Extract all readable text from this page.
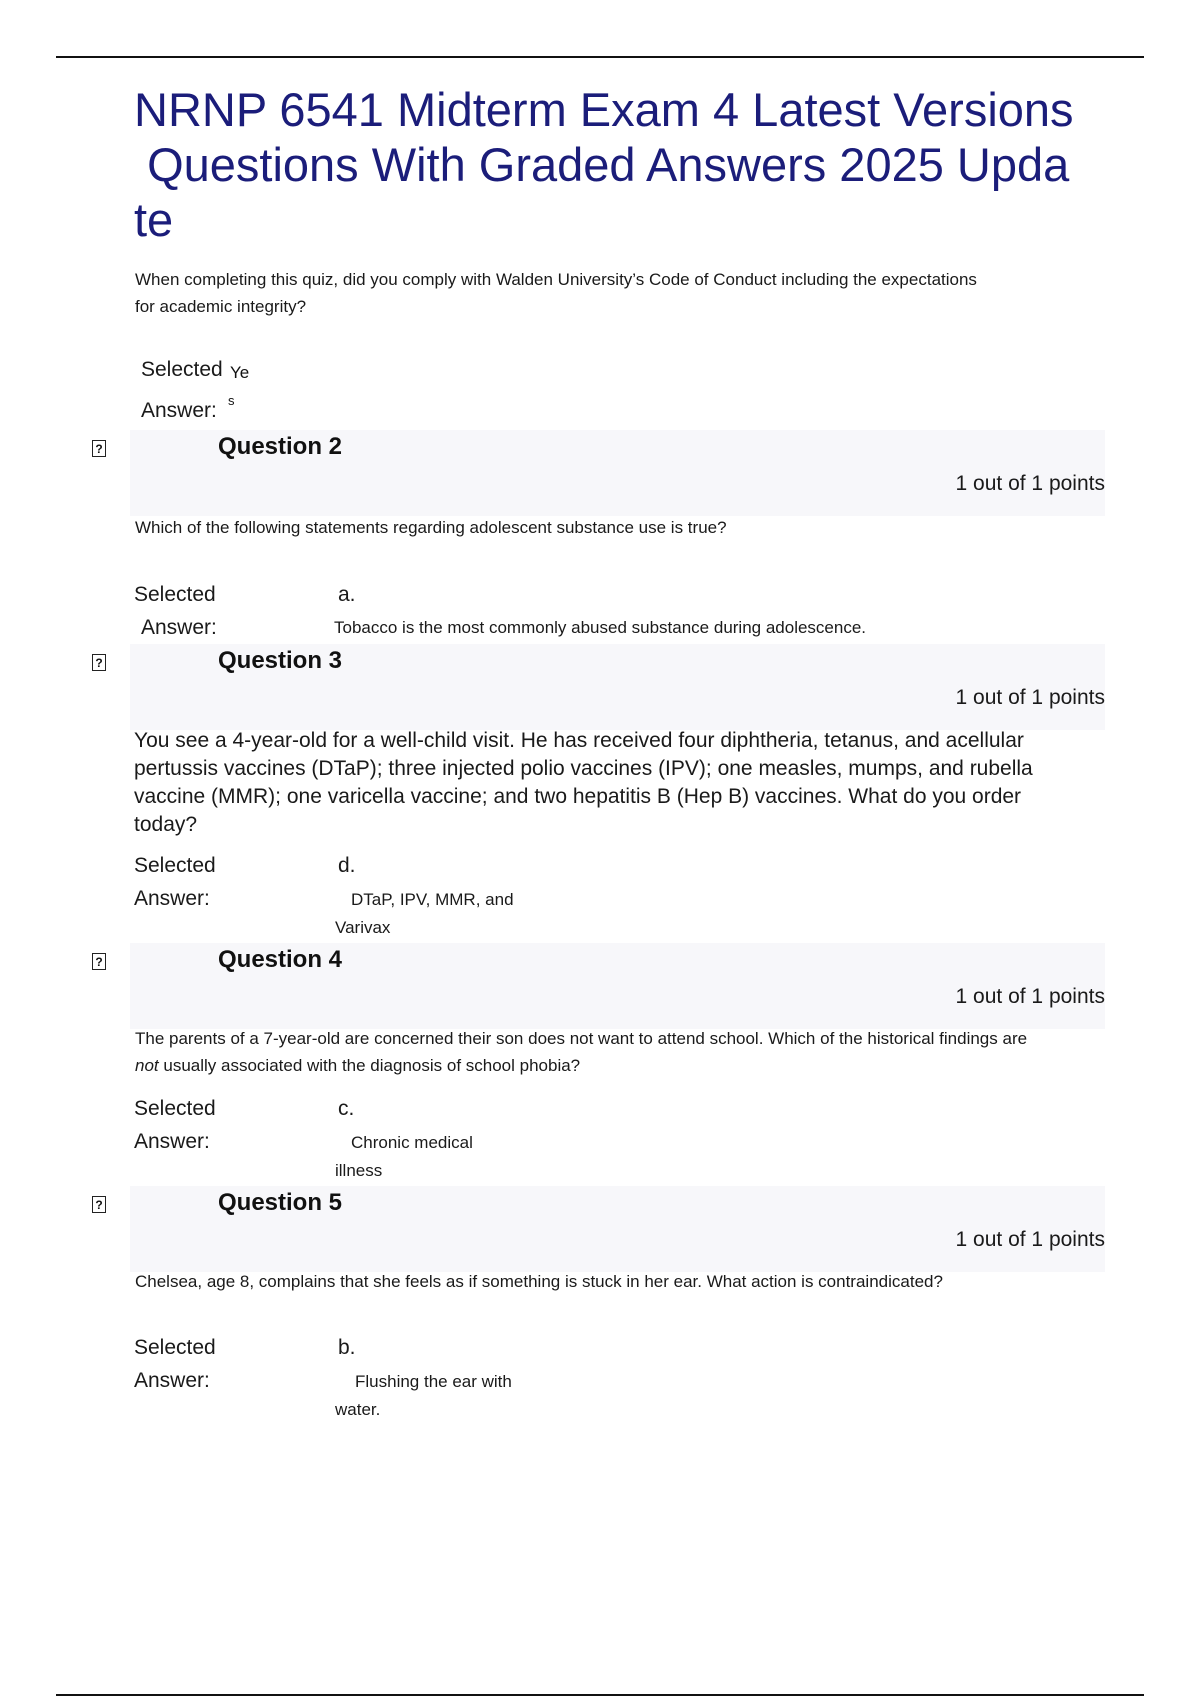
NRNP 6541 Midterm Exam 4 Latest Versions
Questions With Graded Answers 2025 Upda
te

When completing this quiz, did you comply with Walden University’s Code of Conduct including the expectations for academic integrity?

Selected Ye
Answer: s
?	Question 2
1 out of 1 points

Which of the following statements regarding adolescent substance use is true?

Selected	a.
Answer:	Tobacco is the most commonly abused substance during adolescence.
?	Question 3
1 out of 1 points

You see a 4-year-old for a well-child visit. He has received four diphtheria, tetanus, and acellular pertussis vaccines (DTaP); three injected polio vaccines (IPV); one measles, mumps, and rubella vaccine (MMR); one varicella vaccine; and two hepatitis B (Hep B) vaccines. What do you order today?

Selected	d.
Answer:	DTaP, IPV, MMR, and
Varivax
?	Question 4
1 out of 1 points

The parents of a 7-year-old are concerned their son does not want to attend school. Which of the historical findings are not usually associated with the diagnosis of school phobia?

Selected	c.
Answer:	Chronic medical
illness
?	Question 5
1 out of 1 points

Chelsea, age 8, complains that she feels as if something is stuck in her ear. What action is contraindicated?

Selected	b.
Answer:	Flushing the ear with
water.
